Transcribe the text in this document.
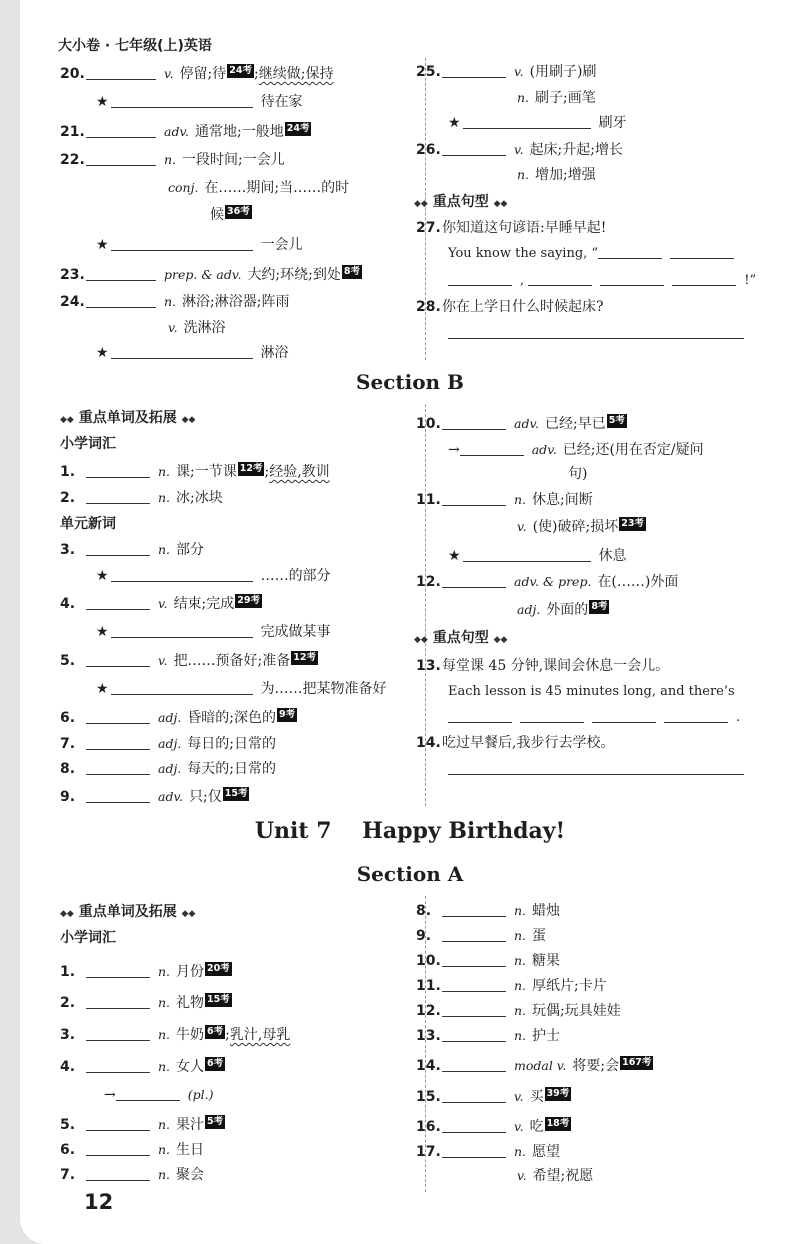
大小卷 · 七年级(上)英语
20.	v. 停留;待 24考 ;继续做;保持
★	待在家
21.	adv. 通常地;一般地 24考
22.	n. 一段时间;一会儿
conj. 在……期间;当……的时
候 36考
★	一会儿
23.	prep. & adv. 大约;环绕;到处 8考
24.	n. 淋浴;淋浴器;阵雨
v. 洗淋浴
★	淋浴
25.	v. (用刷子)刷
n. 刷子;画笔
★	刷牙
26.	v. 起床;升起;增长
n. 增加;增强
◆◆ 重点句型 ◆◆
27.你知道这句谚语:早睡早起!
You know the saying, “
,	!”
28.你在上学日什么时候起床?
Section B
◆◆ 重点单词及拓展 ◆◆
小学词汇
1.	n. 课;一节课 12考 ;经验,教训
2.	n. 冰;冰块
单元新词
3.	n. 部分
★	……的部分
4.	v. 结束;完成 29考
★	完成做某事
5.	v. 把……预备好;准备 12考
★	为……把某物准备好
6.	adj. 昏暗的;深色的 9考
7.	adj. 每日的;日常的
8.	adj. 每天的;日常的
9.	adv. 只;仅 15考
10.	adv. 已经;早已 5考
→	adv. 已经;还(用在否定/疑问
句)
11.	n. 休息;间断
v. (使)破碎;损坏 23考
★	休息
12.	adv. & prep. 在(……)外面
adj. 外面的 8考
◆◆ 重点句型 ◆◆
13.每堂课 45 分钟,课间会休息一会儿。
Each lesson is 45 minutes long, and there’s
.
14.吃过早餐后,我步行去学校。
Unit 7    Happy Birthday!
Section A
◆◆ 重点单词及拓展 ◆◆
小学词汇
1.	n. 月份 20考
2.	n. 礼物 15考
3.	n. 牛奶 6考 ;乳汁,母乳
4.	n. 女人 6考
→	(pl.)
5.	n. 果汁 5考
6.	n. 生日
7.	n. 聚会
8.	n. 蜡烛
9.	n. 蛋
10.	n. 糖果
11.	n. 厚纸片;卡片
12.	n. 玩偶;玩具娃娃
13.	n. 护士
14.	modal v. 将要;会 167考
15.	v. 买 39考
16.	v. 吃 18考
17.	n. 愿望
v. 希望;祝愿
12
